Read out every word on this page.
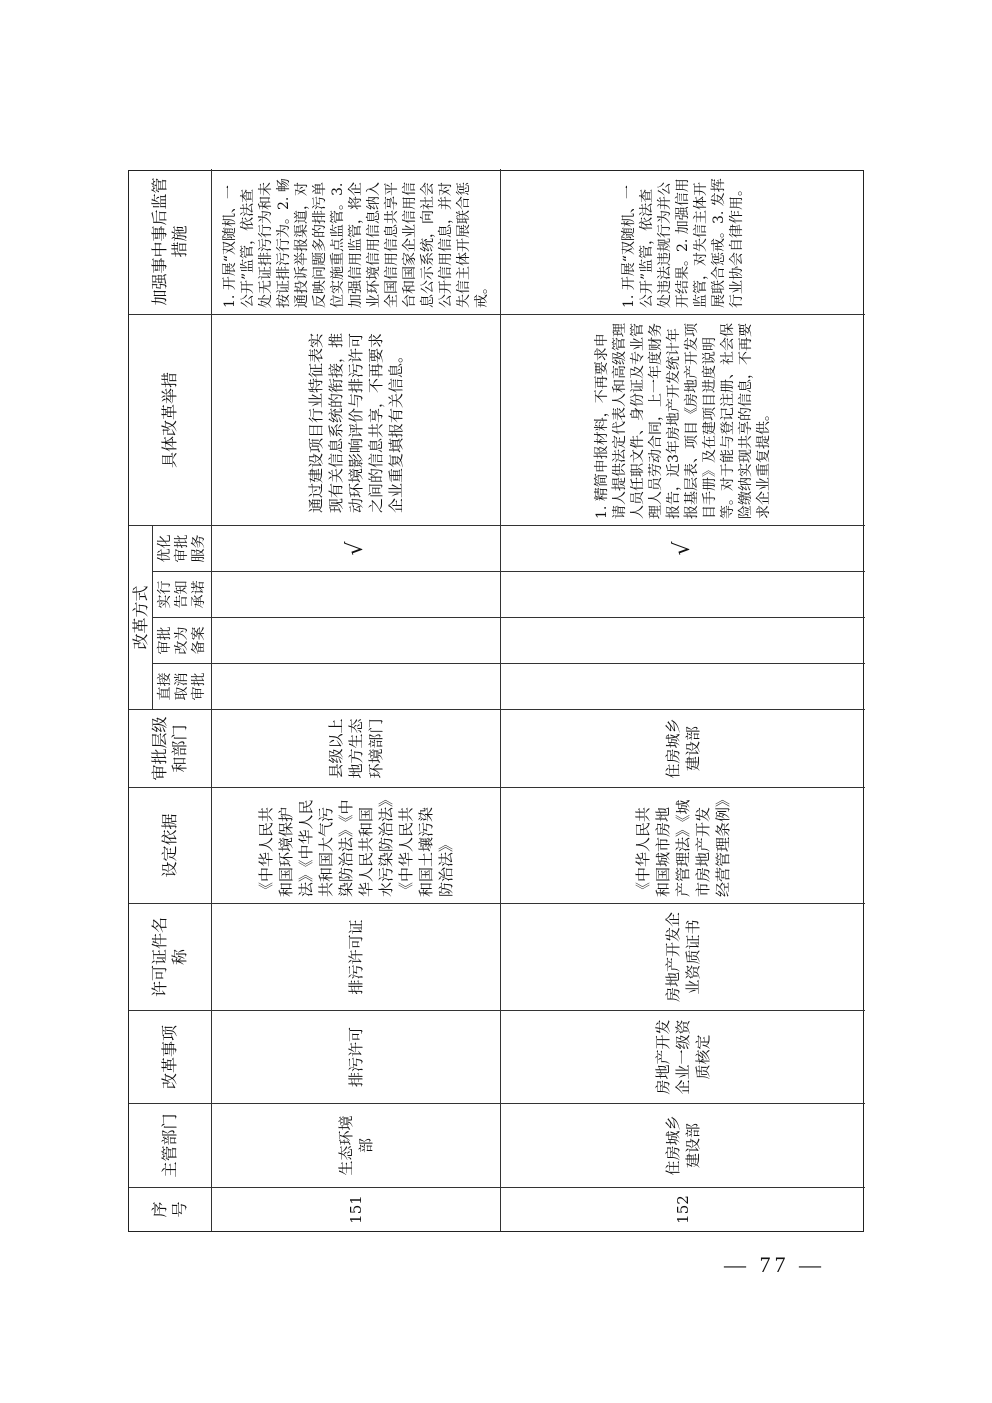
序号
主管部门
改革事项
许可证件名称
设定依据
审批层级和部门
改革方式
直接取消审批
审批改为备案
实行告知承诺
优化审批服务
具体改革举措
加强事中事后监管措施
151
生态环境部
排污许可
排污许可证
《中华人民共和国环境保护法》《中华人民共和国大气污染防治法》《中华人民共和国水污染防治法》《中华人民共和国土壤污染防治法》
县级以上地方生态环境部门
√
通过建设项目行业特征表实现有关信息系统的衔接，推动环境影响评价与排污许可之间的信息共享，不再要求企业重复填报有关信息。
1. 开展“双随机、一公开”监管，依法查处无证排污行为和未按证排污行为。2. 畅通投诉举报渠道，对反映问题多的排污单位实施重点监管。3. 加强信用监管，将企业环境信用信息纳入全国信用信息共享平台和国家企业信用信息公示系统，向社会公开信用信息，并对失信主体开展联合惩戒。
152
住房城乡建设部
房地产开发企业一级资质核定
房地产开发企业资质证书
《中华人民共和国城市房地产管理法》《城市房地产开发经营管理条例》
住房城乡建设部
√
1. 精简申报材料，不再要求申请人提供法定代表人和高级管理人员任职文件、身份证及专业管理人员劳动合同，上一年度财务报告，近3年房地产开发统计年报基层表、项目《房地产开发项目手册》及在建项目进度说明等。对于能与登记注册、社会保险缴纳实现共享的信息，不再要求企业重复提供。
1. 开展“双随机、一公开”监管，依法查处违法违规行为并公开结果。2. 加强信用监管，对失信主体开展联合惩戒。3. 发挥行业协会自律作用。
— 77 —
